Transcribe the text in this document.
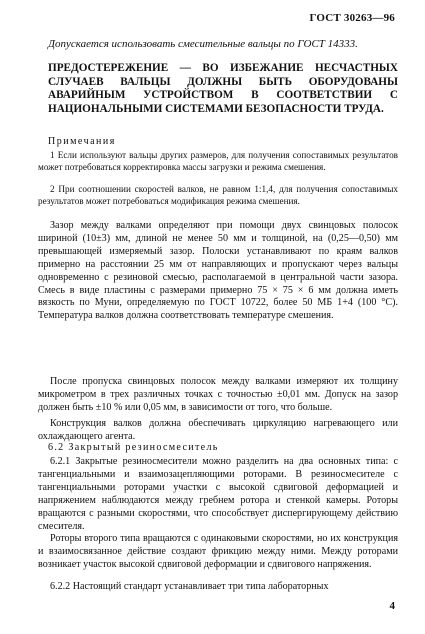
ГОСТ 30263—96
Допускается использовать смесительные вальцы по ГОСТ 14333.
ПРЕДОСТЕРЕЖЕНИЕ — ВО ИЗБЕЖАНИЕ НЕСЧАСТНЫХ СЛУЧАЕВ ВАЛЬЦЫ ДОЛЖНЫ БЫТЬ ОБОРУДОВАНЫ АВАРИЙНЫМ УСТРОЙСТВОМ В СООТВЕТСТВИИ С НАЦИОНАЛЬНЫМИ СИСТЕМАМИ БЕЗОПАСНОСТИ ТРУДА.
Примечания
1 Если используют вальцы других размеров, для получения сопоставимых результатов может потребоваться корректировка массы загрузки и режима смешения.
2 При соотношении скоростей валков, не равном 1:1,4, для получения сопоставимых результатов может потребоваться модификация режима смешения.
Зазор между валками определяют при помощи двух свинцовых полосок шириной (10±3) мм, длиной не менее 50 мм и толщиной, на (0,25—0,50) мм превышающей измеряемый зазор. Полоски устанавливают по краям валков примерно на расстоянии 25 мм от направляющих и пропускают через вальцы одновременно с резиновой смесью, располагаемой в центральной части зазора. Смесь в виде пластины с размерами примерно 75 × 75 × 6 мм должна иметь вязкость по Муни, определяемую по ГОСТ 10722, более 50 МБ 1+4 (100 °С). Температура валков должна соответствовать температуре смешения.
После пропуска свинцовых полосок между валками измеряют их толщину микрометром в трех различных точках с точностью ±0,01 мм. Допуск на зазор должен быть ±10 % или 0,05 мм, в зависимости от того, что больше.
Конструкция валков должна обеспечивать циркуляцию нагревающего или охлаждающего агента.
6.2 Закрытый резиносмеситель
6.2.1 Закрытые резиносмесители можно разделить на два основных типа: с тангенциальными и взаимозацепляющими роторами. В резиносмесителе с тангенциальными роторами участки с высокой сдвиговой деформацией и напряжением наблюдаются между гребнем ротора и стенкой камеры. Роторы вращаются с разными скоростями, что способствует диспергирующему действию смесителя.
Роторы второго типа вращаются с одинаковыми скоростями, но их конструкция и взаимосвязанное действие создают фрикцию между ними. Между роторами возникает участок высокой сдвиговой деформации и сдвигового напряжения.
6.2.2 Настоящий стандарт устанавливает три типа лабораторных
4
